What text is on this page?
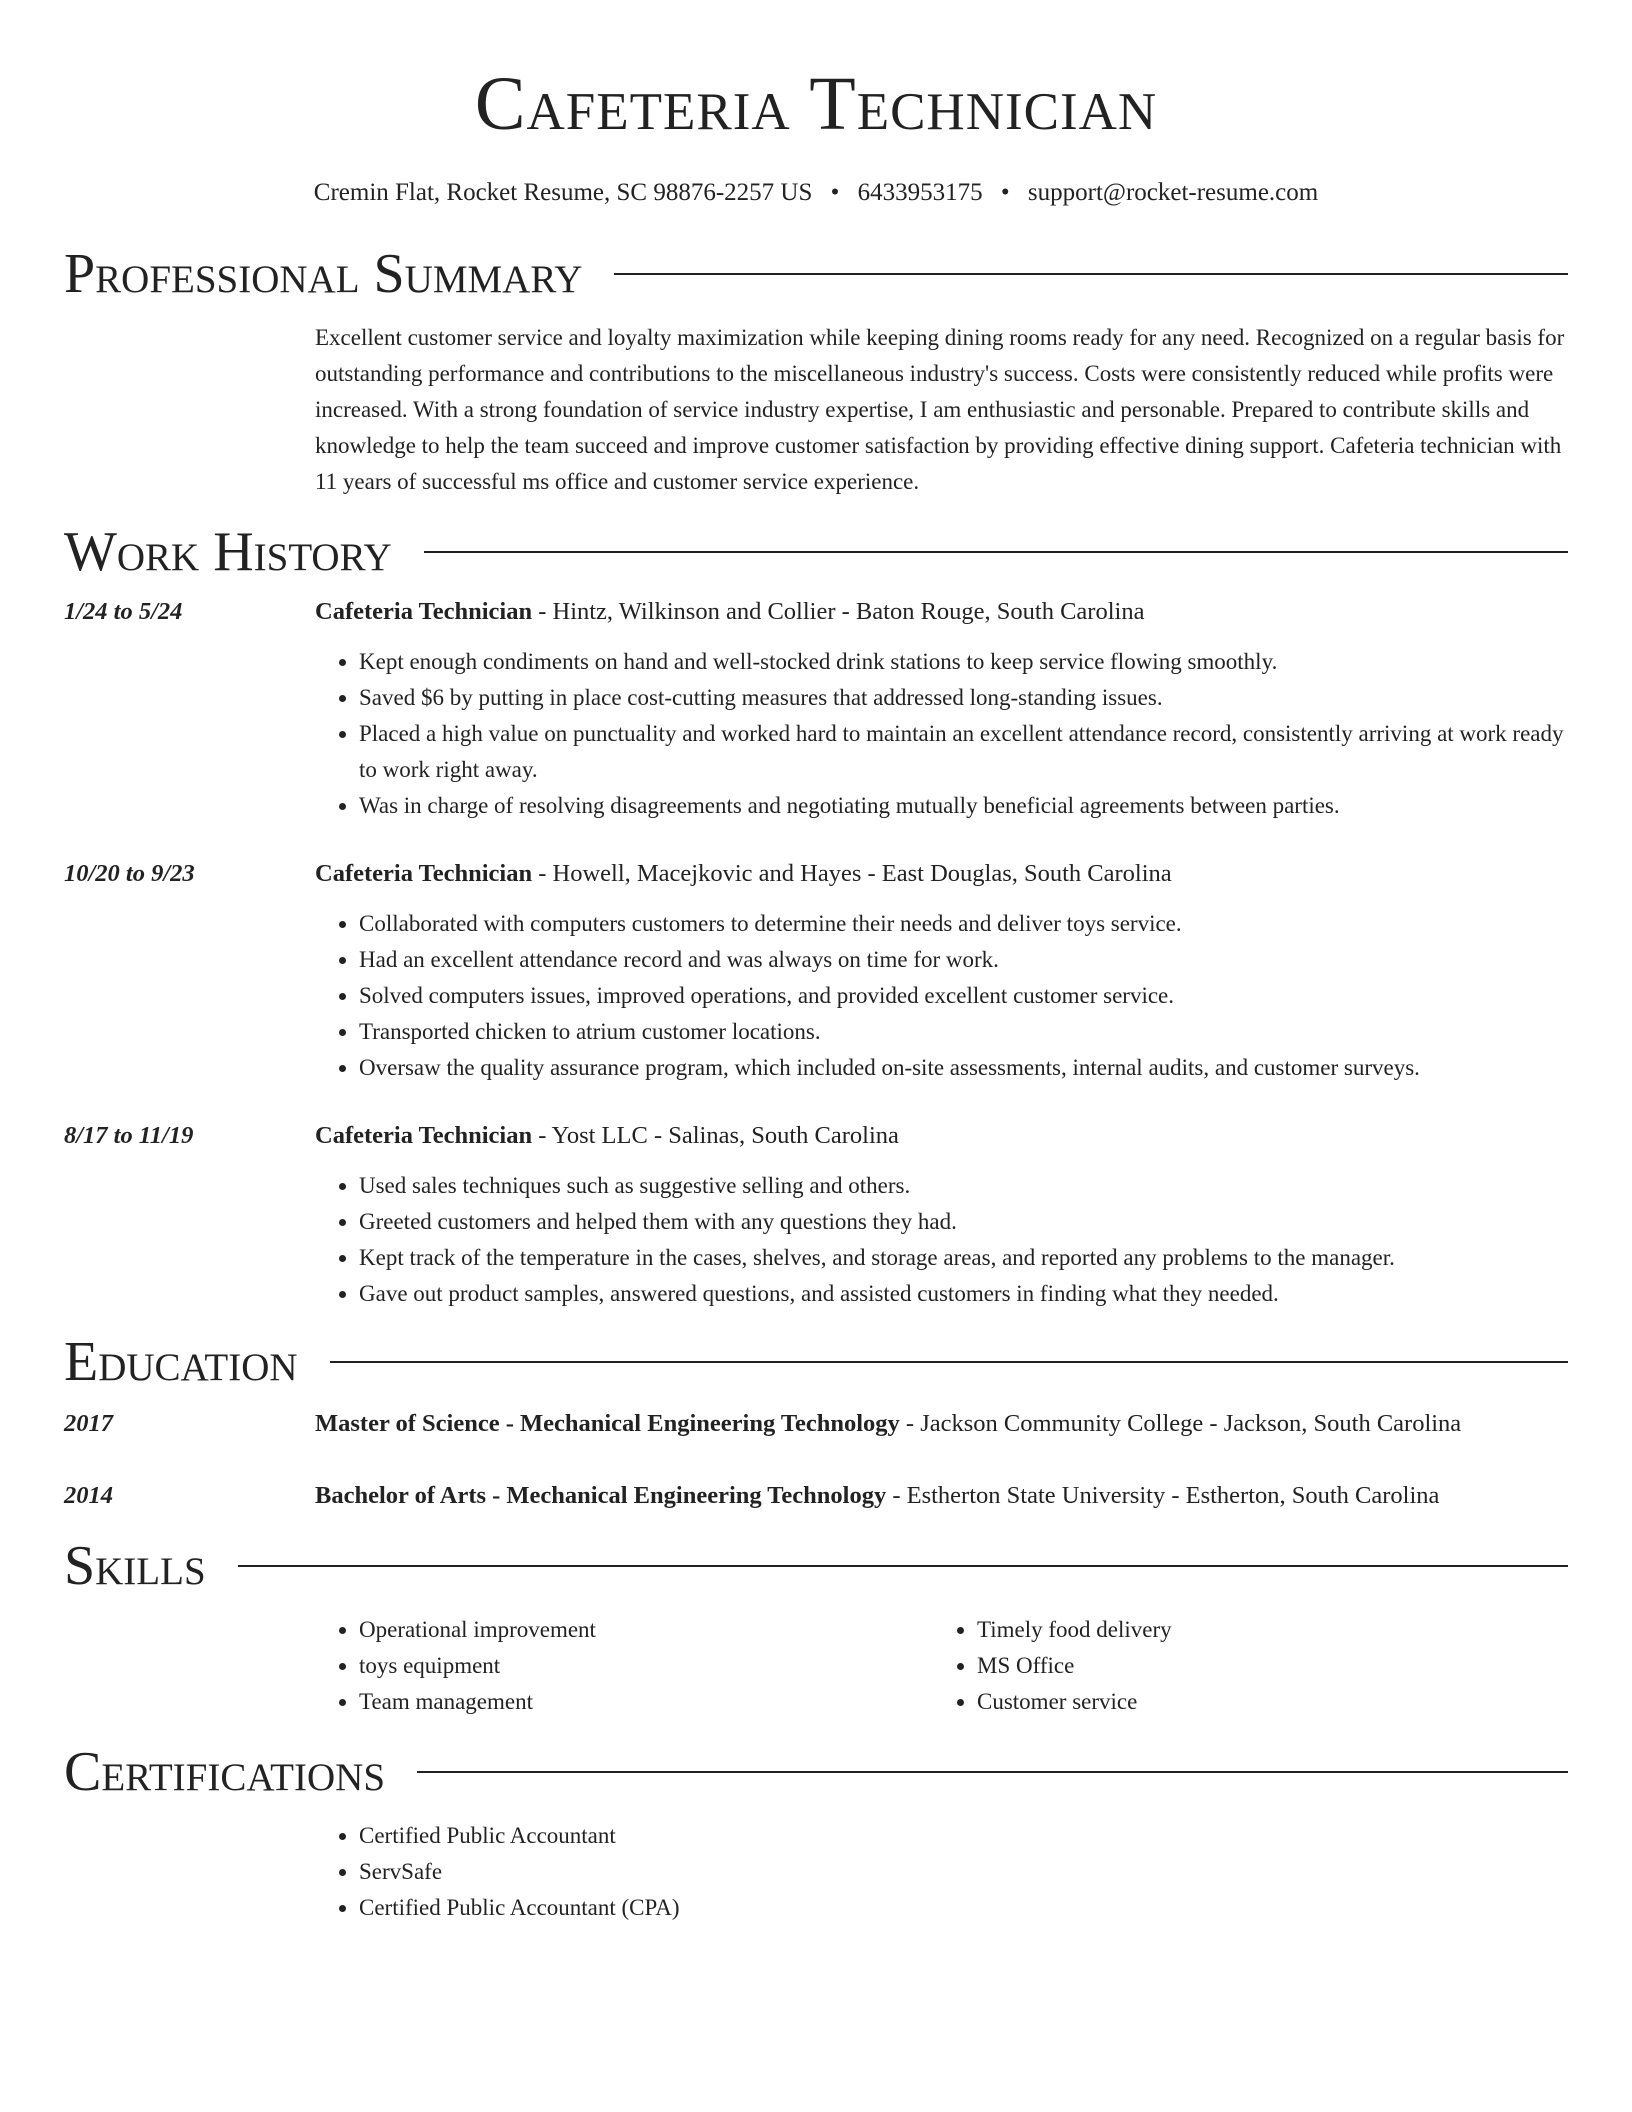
Cafeteria Technician
Cremin Flat, Rocket Resume, SC 98876-2257 US • 6433953175 • support@rocket-resume.com
Professional Summary

Excellent customer service and loyalty maximization while keeping dining rooms ready for any need. Recognized on a regular basis for outstanding performance and contributions to the miscellaneous industry's success. Costs were consistently reduced while profits were increased. With a strong foundation of service industry expertise, I am enthusiastic and personable. Prepared to contribute skills and knowledge to help the team succeed and improve customer satisfaction by providing effective dining support. Cafeteria technician with 11 years of successful ms office and customer service experience.

Work History
1/24 to 5/24	Cafeteria Technician - Hintz, Wilkinson and Collier - Baton Rouge, South Carolina
• Kept enough condiments on hand and well-stocked drink stations to keep service flowing smoothly.
• Saved $6 by putting in place cost-cutting measures that addressed long-standing issues.
• Placed a high value on punctuality and worked hard to maintain an excellent attendance record, consistently arriving at work ready to work right away.
• Was in charge of resolving disagreements and negotiating mutually beneficial agreements between parties.
10/20 to 9/23	Cafeteria Technician - Howell, Macejkovic and Hayes - East Douglas, South Carolina
• Collaborated with computers customers to determine their needs and deliver toys service.
• Had an excellent attendance record and was always on time for work.
• Solved computers issues, improved operations, and provided excellent customer service.
• Transported chicken to atrium customer locations.
• Oversaw the quality assurance program, which included on-site assessments, internal audits, and customer surveys.
8/17 to 11/19	Cafeteria Technician - Yost LLC - Salinas, South Carolina
• Used sales techniques such as suggestive selling and others.
• Greeted customers and helped them with any questions they had.
• Kept track of the temperature in the cases, shelves, and storage areas, and reported any problems to the manager.
• Gave out product samples, answered questions, and assisted customers in finding what they needed.
Education
2017	Master of Science - Mechanical Engineering Technology - Jackson Community College - Jackson, South Carolina
2014	Bachelor of Arts - Mechanical Engineering Technology - Estherton State University - Estherton, South Carolina
Skills
• Operational improvement
• toys equipment
• Team management
• Timely food delivery
• MS Office
• Customer service
Certifications
• Certified Public Accountant
• ServSafe
• Certified Public Accountant (CPA)
